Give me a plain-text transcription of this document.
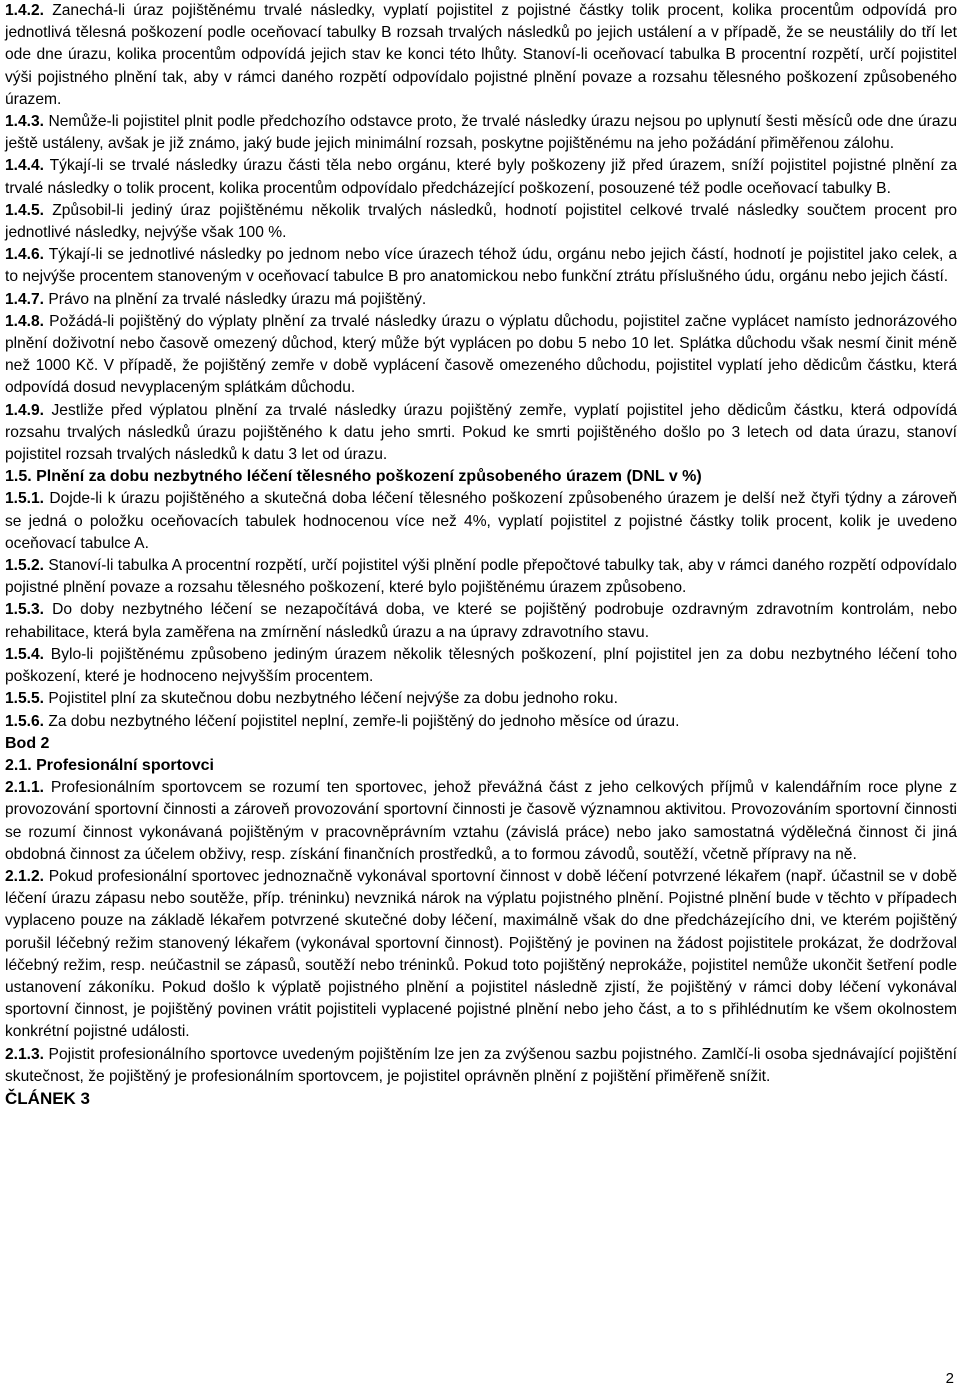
1.4.2. Zanechá-li úraz pojištěnému trvalé následky, vyplatí pojistitel z pojistné částky tolik procent, kolika procentům odpovídá pro jednotlivá tělesná poškození podle oceňovací tabulky B rozsah trvalých následků po jejich ustálení a v případě, že se neustálily do tří let ode dne úrazu, kolika procentům odpovídá jejich stav ke konci této lhůty. Stanoví-li oceňovací tabulka B procentní rozpětí, určí pojistitel výši pojistného plnění tak, aby v rámci daného rozpětí odpovídalo pojistné plnění povaze a rozsahu tělesného poškození způsobeného úrazem.

1.4.3. Nemůže-li pojistitel plnit podle předchozího odstavce proto, že trvalé následky úrazu nejsou po uplynutí šesti měsíců ode dne úrazu ještě ustáleny, avšak je již známo, jaký bude jejich minimální rozsah, poskytne pojištěnému na jeho požádání přiměřenou zálohu.

1.4.4. Týkají-li se trvalé následky úrazu části těla nebo orgánu, které byly poškozeny již před úrazem, sníží pojistitel pojistné plnění za trvalé následky o tolik procent, kolika procentům odpovídalo předcházející poškození, posouzené též podle oceňovací tabulky B.

1.4.5. Způsobil-li jediný úraz pojištěnému několik trvalých následků, hodnotí pojistitel celkové trvalé následky součtem procent pro jednotlivé následky, nejvýše však 100 %.

1.4.6. Týkají-li se jednotlivé následky po jednom nebo více úrazech téhož údu, orgánu nebo jejich částí, hodnotí je pojistitel jako celek, a to nejvýše procentem stanoveným v oceňovací tabulce B pro anatomickou nebo funkční ztrátu příslušného údu, orgánu nebo jejich částí.

1.4.7. Právo na plnění za trvalé následky úrazu má pojištěný.

1.4.8. Požádá-li pojištěný do výplaty plnění za trvalé následky úrazu o výplatu důchodu, pojistitel začne vyplácet namísto jednorázového plnění doživotní nebo časově omezený důchod, který může být vyplácen po dobu 5 nebo 10 let. Splátka důchodu však nesmí činit méně než 1000 Kč. V případě, že pojištěný zemře v době vyplácení časově omezeného důchodu, pojistitel vyplatí jeho dědicům částku, která odpovídá dosud nevyplaceným splátkám důchodu.

1.4.9. Jestliže před výplatou plnění za trvalé následky úrazu pojištěný zemře, vyplatí pojistitel jeho dědicům částku, která odpovídá rozsahu trvalých následků úrazu pojištěného k datu jeho smrti. Pokud ke smrti pojištěného došlo po 3 letech od data úrazu, stanoví pojistitel rozsah trvalých následků k datu 3 let od úrazu.

1.5. Plnění za dobu nezbytného léčení tělesného poškození způsobeného úrazem (DNL v %)

1.5.1. Dojde-li k úrazu pojištěného a skutečná doba léčení tělesného poškození způsobeného úrazem je delší než čtyři týdny a zároveň se jedná o položku oceňovacích tabulek hodnocenou více než 4%, vyplatí pojistitel z pojistné částky tolik procent, kolik je uvedeno oceňovací tabulce A.

1.5.2. Stanoví-li tabulka A procentní rozpětí, určí pojistitel výši plnění podle přepočtové tabulky tak, aby v rámci daného rozpětí odpovídalo pojistné plnění povaze a rozsahu tělesného poškození, které bylo pojištěnému úrazem způsobeno.

1.5.3. Do doby nezbytného léčení se nezapočítává doba, ve které se pojištěný podrobuje ozdravným zdravotním kontrolám, nebo rehabilitace, která byla zaměřena na zmírnění následků úrazu a na úpravy zdravotního stavu.

1.5.4. Bylo-li pojištěnému způsobeno jediným úrazem několik tělesných poškození, plní pojistitel jen za dobu nezbytného léčení toho poškození, které je hodnoceno nejvyšším procentem.

1.5.5. Pojistitel plní za skutečnou dobu nezbytného léčení nejvýše za dobu jednoho roku.

1.5.6. Za dobu nezbytného léčení pojistitel neplní, zemře-li pojištěný do jednoho měsíce od úrazu.

Bod 2

2.1. Profesionální sportovci

2.1.1. Profesionálním sportovcem se rozumí ten sportovec, jehož převážná část z jeho celkových příjmů v kalendářním roce plyne z provozování sportovní činnosti a zároveň provozování sportovní činnosti je časově významnou aktivitou. Provozováním sportovní činnosti se rozumí činnost vykonávaná pojištěným v pracovněprávním vztahu (závislá práce) nebo jako samostatná výdělečná činnost či jiná obdobná činnost za účelem obživy, resp. získání finančních prostředků, a to formou závodů, soutěží, včetně přípravy na ně.

2.1.2. Pokud profesionální sportovec jednoznačně vykonával sportovní činnost v době léčení potvrzené lékařem (např. účastnil se v době léčení úrazu zápasu nebo soutěže, příp. tréninku) nevzniká nárok na výplatu pojistného plnění. Pojistné plnění bude v těchto v případech vyplaceno pouze na základě lékařem potvrzené skutečné doby léčení, maximálně však do dne předcházejícího dni, ve kterém pojištěný porušil léčebný režim stanovený lékařem (vykonával sportovní činnost). Pojištěný je povinen na žádost pojistitele prokázat, že dodržoval léčebný režim, resp. neúčastnil se zápasů, soutěží nebo tréninků. Pokud toto pojištěný neprokáže, pojistitel nemůže ukončit šetření podle ustanovení zákoníku. Pokud došlo k výplatě pojistného plnění a pojistitel následně zjistí, že pojištěný v rámci doby léčení vykonával sportovní činnost, je pojištěný povinen vrátit pojistiteli vyplacené pojistné plnění nebo jeho část, a to s přihlédnutím ke všem okolnostem konkrétní pojistné události.

2.1.3. Pojistit profesionálního sportovce uvedeným pojištěním lze jen za zvýšenou sazbu pojistného. Zamlčí-li osoba sjednávající pojištění skutečnost, že pojištěný je profesionálním sportovcem, je pojistitel oprávněn plnění z pojištění přiměřeně snížit.

ČLÁNEK 3

2
